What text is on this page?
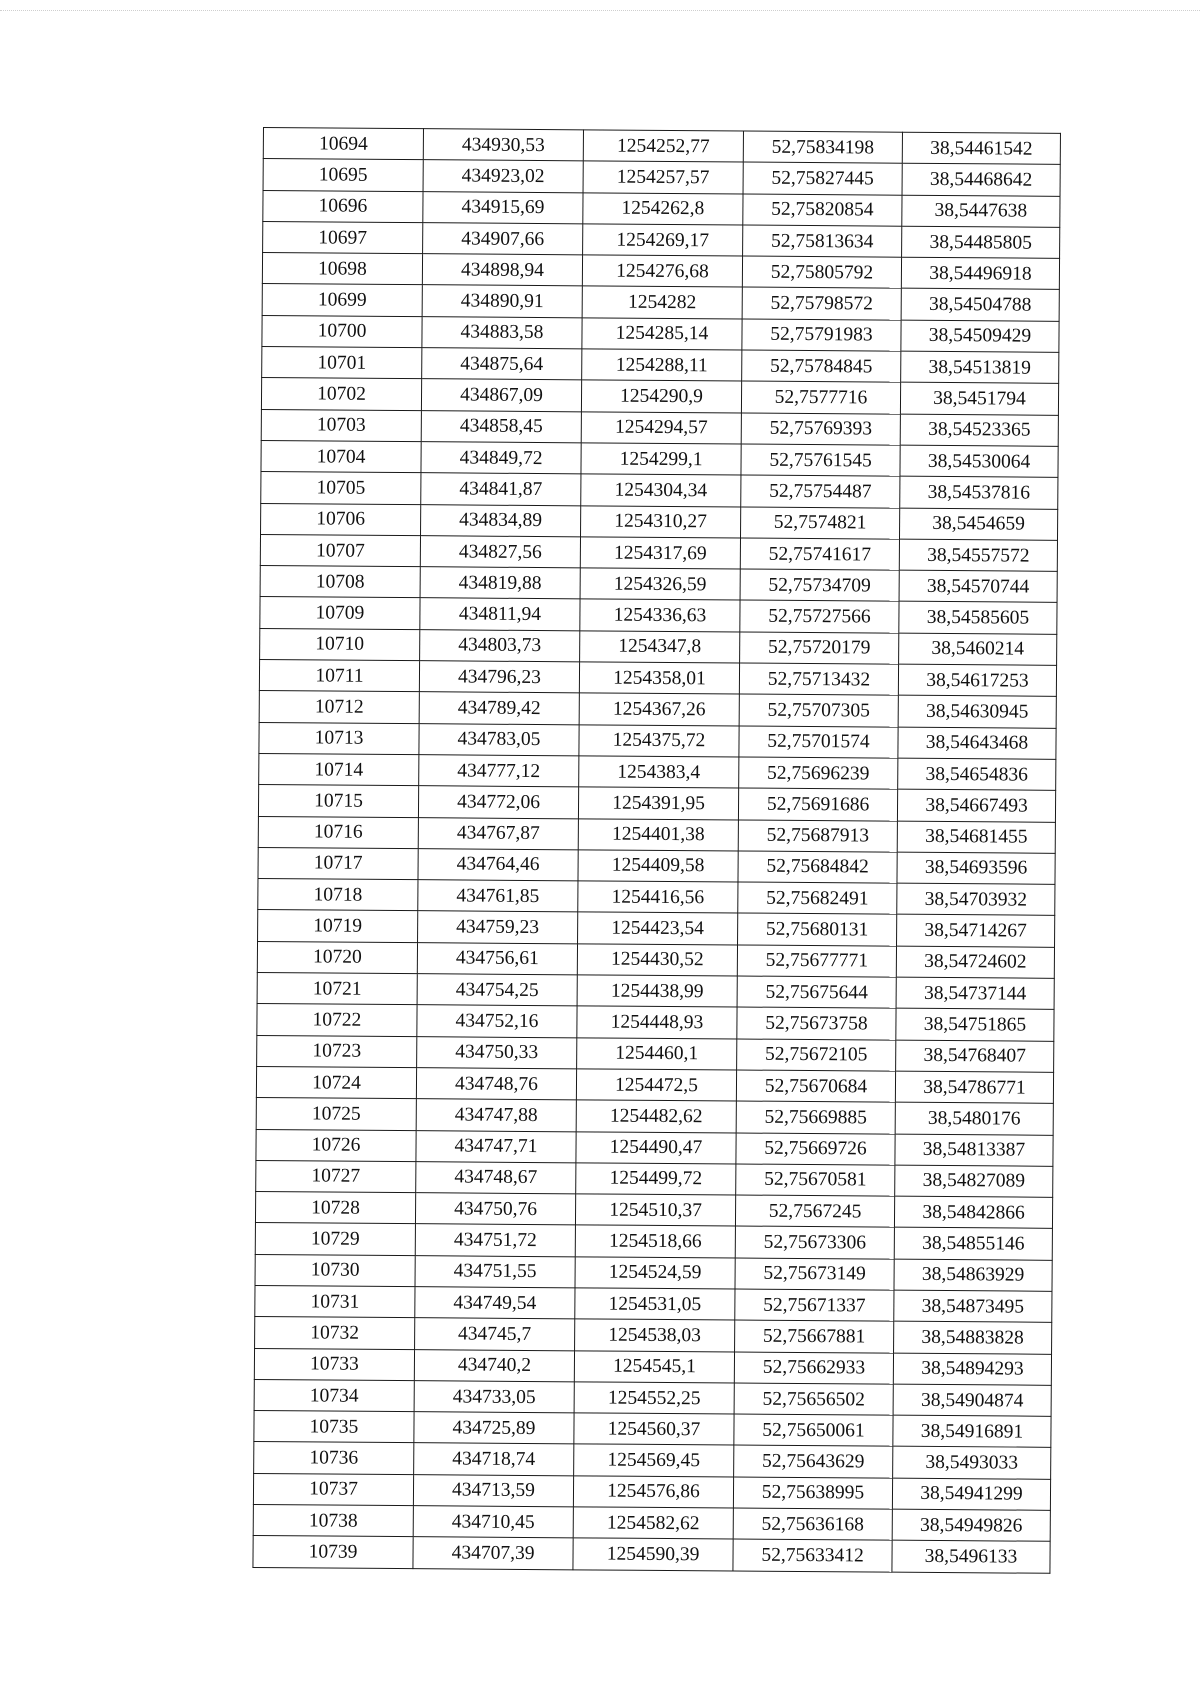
10694	434930,53	1254252,77	52,75834198	38,54461542
10695	434923,02	1254257,57	52,75827445	38,54468642
10696	434915,69	1254262,8	52,75820854	38,5447638
10697	434907,66	1254269,17	52,75813634	38,54485805
10698	434898,94	1254276,68	52,75805792	38,54496918
10699	434890,91	1254282	52,75798572	38,54504788
10700	434883,58	1254285,14	52,75791983	38,54509429
10701	434875,64	1254288,11	52,75784845	38,54513819
10702	434867,09	1254290,9	52,7577716	38,5451794
10703	434858,45	1254294,57	52,75769393	38,54523365
10704	434849,72	1254299,1	52,75761545	38,54530064
10705	434841,87	1254304,34	52,75754487	38,54537816
10706	434834,89	1254310,27	52,7574821	38,5454659
10707	434827,56	1254317,69	52,75741617	38,54557572
10708	434819,88	1254326,59	52,75734709	38,54570744
10709	434811,94	1254336,63	52,75727566	38,54585605
10710	434803,73	1254347,8	52,75720179	38,5460214
10711	434796,23	1254358,01	52,75713432	38,54617253
10712	434789,42	1254367,26	52,75707305	38,54630945
10713	434783,05	1254375,72	52,75701574	38,54643468
10714	434777,12	1254383,4	52,75696239	38,54654836
10715	434772,06	1254391,95	52,75691686	38,54667493
10716	434767,87	1254401,38	52,75687913	38,54681455
10717	434764,46	1254409,58	52,75684842	38,54693596
10718	434761,85	1254416,56	52,75682491	38,54703932
10719	434759,23	1254423,54	52,75680131	38,54714267
10720	434756,61	1254430,52	52,75677771	38,54724602
10721	434754,25	1254438,99	52,75675644	38,54737144
10722	434752,16	1254448,93	52,75673758	38,54751865
10723	434750,33	1254460,1	52,75672105	38,54768407
10724	434748,76	1254472,5	52,75670684	38,54786771
10725	434747,88	1254482,62	52,75669885	38,5480176
10726	434747,71	1254490,47	52,75669726	38,54813387
10727	434748,67	1254499,72	52,75670581	38,54827089
10728	434750,76	1254510,37	52,7567245	38,54842866
10729	434751,72	1254518,66	52,75673306	38,54855146
10730	434751,55	1254524,59	52,75673149	38,54863929
10731	434749,54	1254531,05	52,75671337	38,54873495
10732	434745,7	1254538,03	52,75667881	38,54883828
10733	434740,2	1254545,1	52,75662933	38,54894293
10734	434733,05	1254552,25	52,75656502	38,54904874
10735	434725,89	1254560,37	52,75650061	38,54916891
10736	434718,74	1254569,45	52,75643629	38,5493033
10737	434713,59	1254576,86	52,75638995	38,54941299
10738	434710,45	1254582,62	52,75636168	38,54949826
10739	434707,39	1254590,39	52,75633412	38,5496133
